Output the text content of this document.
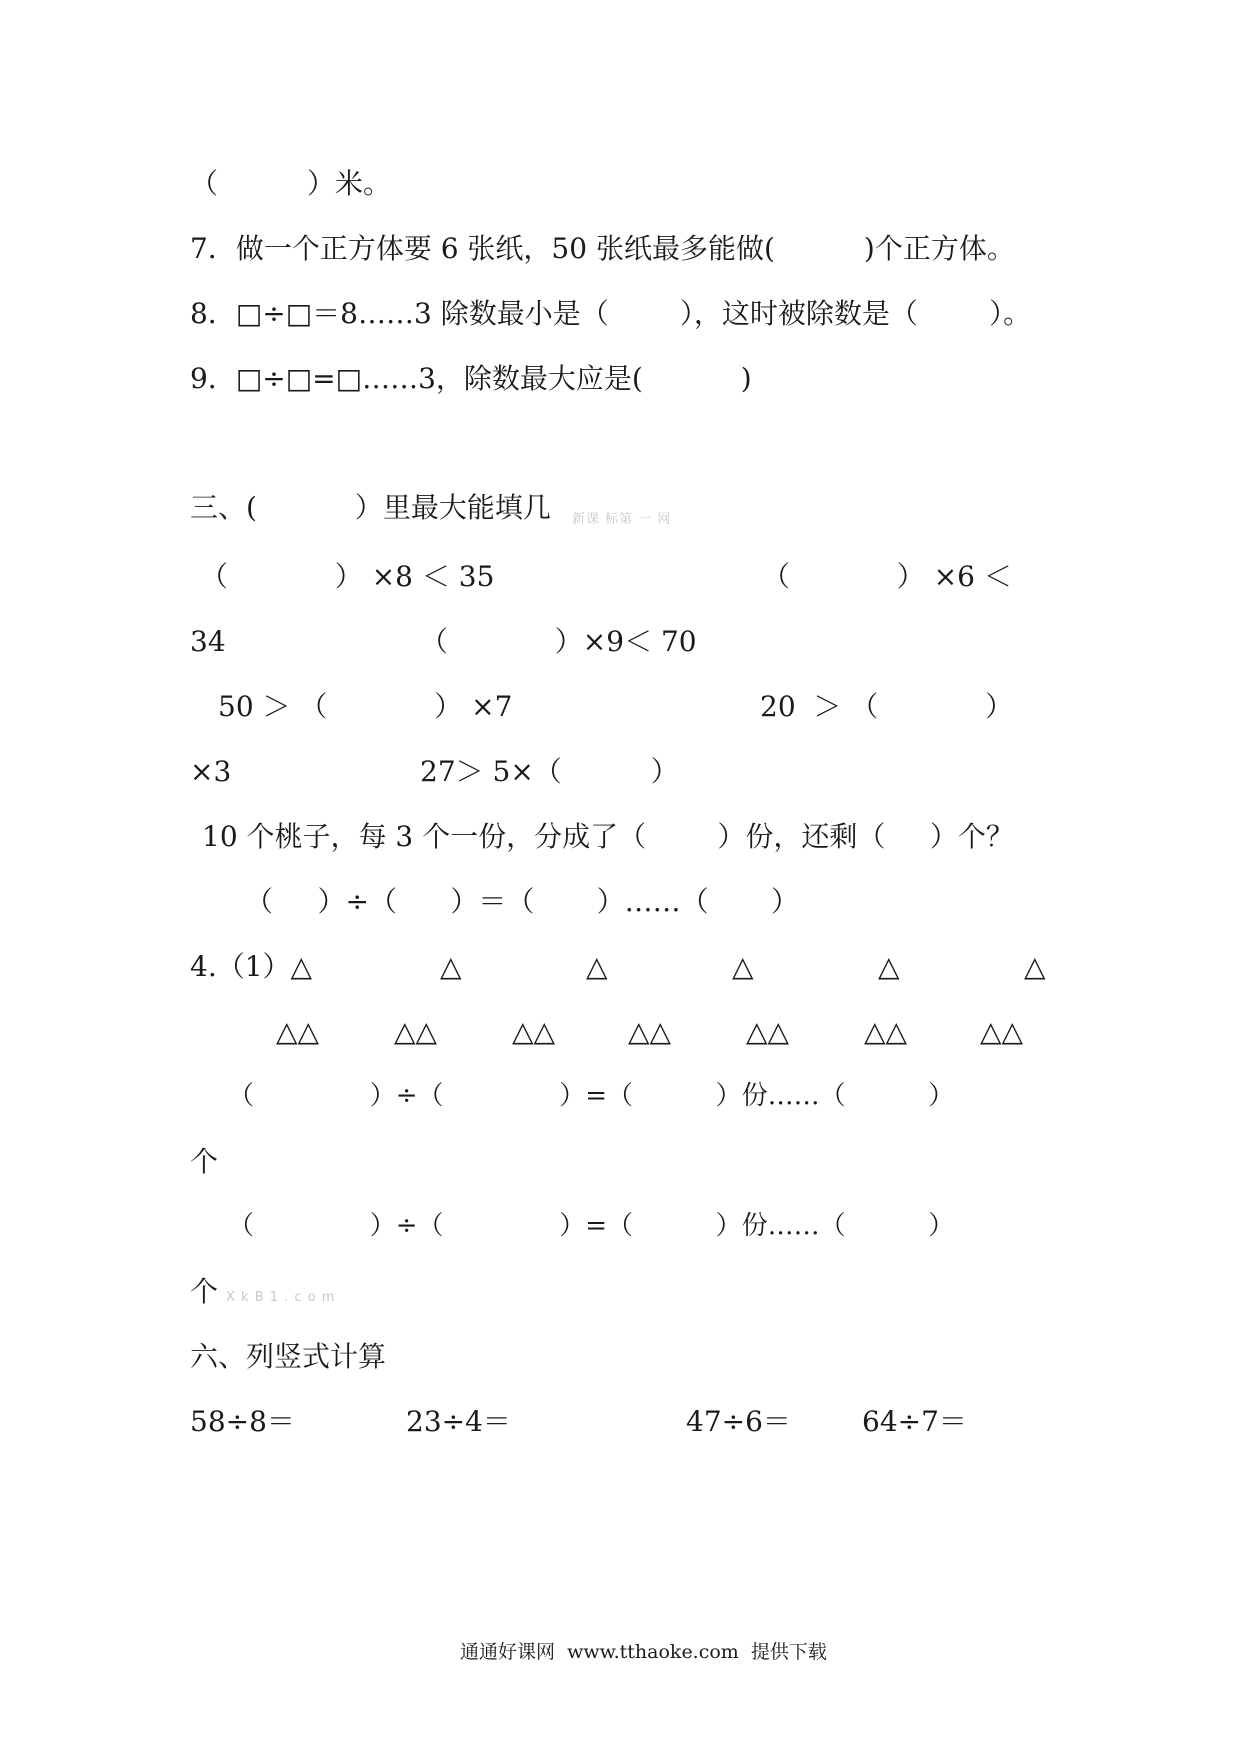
（          ）米。
7．做一个正方体要 6 张纸，50 张纸最多能做(          )个正方体。
8．□÷□＝8……3 除数最小是（        ），这时被除数是（        ）。
9．□÷□=□……3，除数最大应是(           )
三、(           ）里最大能填几 新课 标第 一 网
（            ） ×8 ＜ 35	（            ） ×6 ＜
34	（            ）×9＜ 70
50 ＞ （            ） ×7	20  ＞ （            ）
×3	27＞ 5×（          ）
10 个桃子，每 3 个一份，分成了（        ）份，还剩（     ）个？
（     ）÷（      ）＝（       ）……（       ）
4.（1）△	△	△	△	△	△
△△	△△	△△	△△	△△	△△	△△
（              ）÷（              ）=（          ）份……（          ）
个
（              ）÷（              ）=（          ）份……（          ）
个 X k B 1 . c o m
六、列竖式计算
58÷8＝	23÷4＝	47÷6＝	64÷7＝
通通好课网  www.tthaoke.com  提供下载
